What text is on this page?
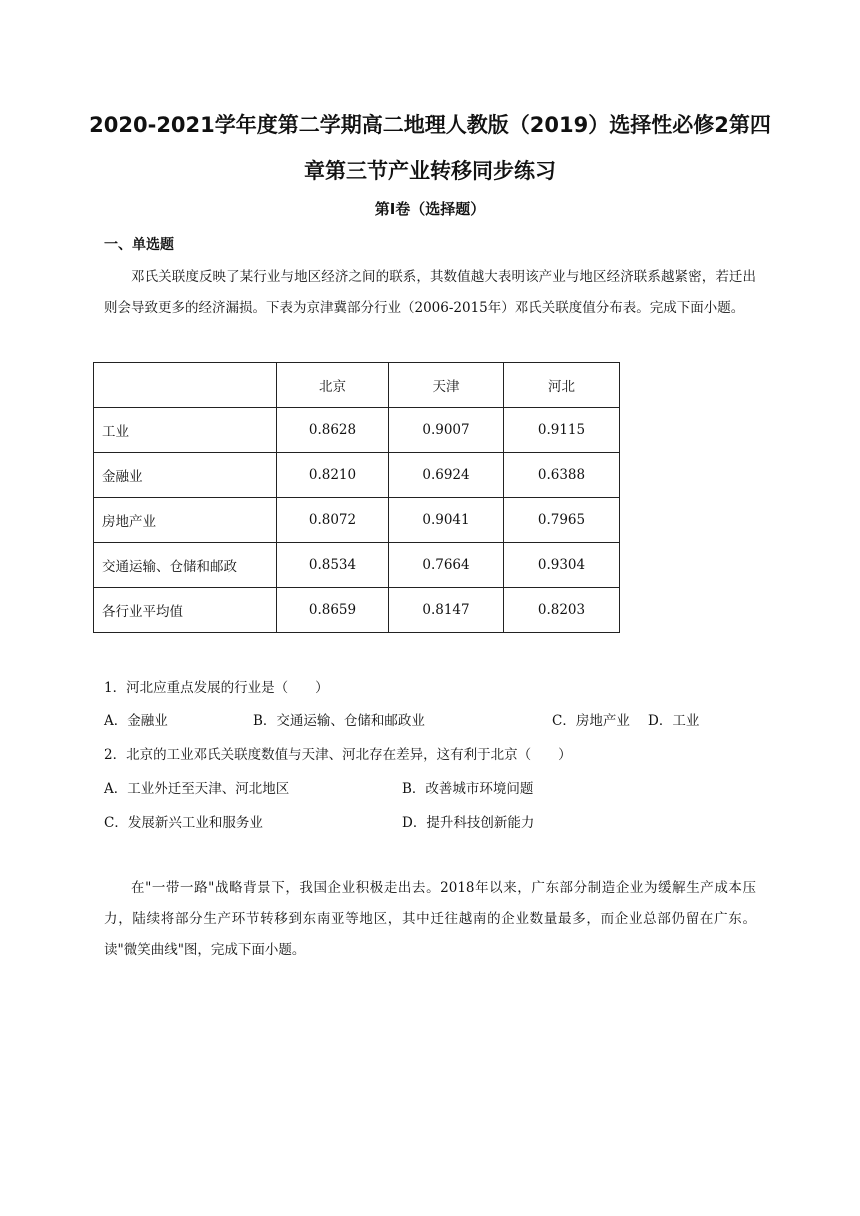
2020-2021学年度第二学期高二地理人教版（2019）选择性必修2第四
章第三节产业转移同步练习
第I卷（选择题）
一、单选题
邓氏关联度反映了某行业与地区经济之间的联系，其数值越大表明该产业与地区经济联系越紧密，若迁出则会导致更多的经济漏损。下表为京津冀部分行业（2006-2015年）邓氏关联度值分布表。完成下面小题。
	北京	天津	河北
工业	0.8628	0.9007	0.9115
金融业	0.8210	0.6924	0.6388
房地产业	0.8072	0.9041	0.7965
交通运输、仓储和邮政	0.8534	0.7664	0.9304
各行业平均值	0.8659	0.8147	0.8203
1．河北应重点发展的行业是（　　）
A．金融业	B．交通运输、仓储和邮政业	C．房地产业 D．工业
2．北京的工业邓氏关联度数值与天津、河北存在差异，这有利于北京（　　）
A．工业外迁至天津、河北地区	B．改善城市环境问题
C．发展新兴工业和服务业	D．提升科技创新能力
在"一带一路"战略背景下，我国企业积极走出去。2018年以来，广东部分制造企业为缓解生产成本压力，陆续将部分生产环节转移到东南亚等地区，其中迁往越南的企业数量最多，而企业总部仍留在广东。读"微笑曲线"图，完成下面小题。
